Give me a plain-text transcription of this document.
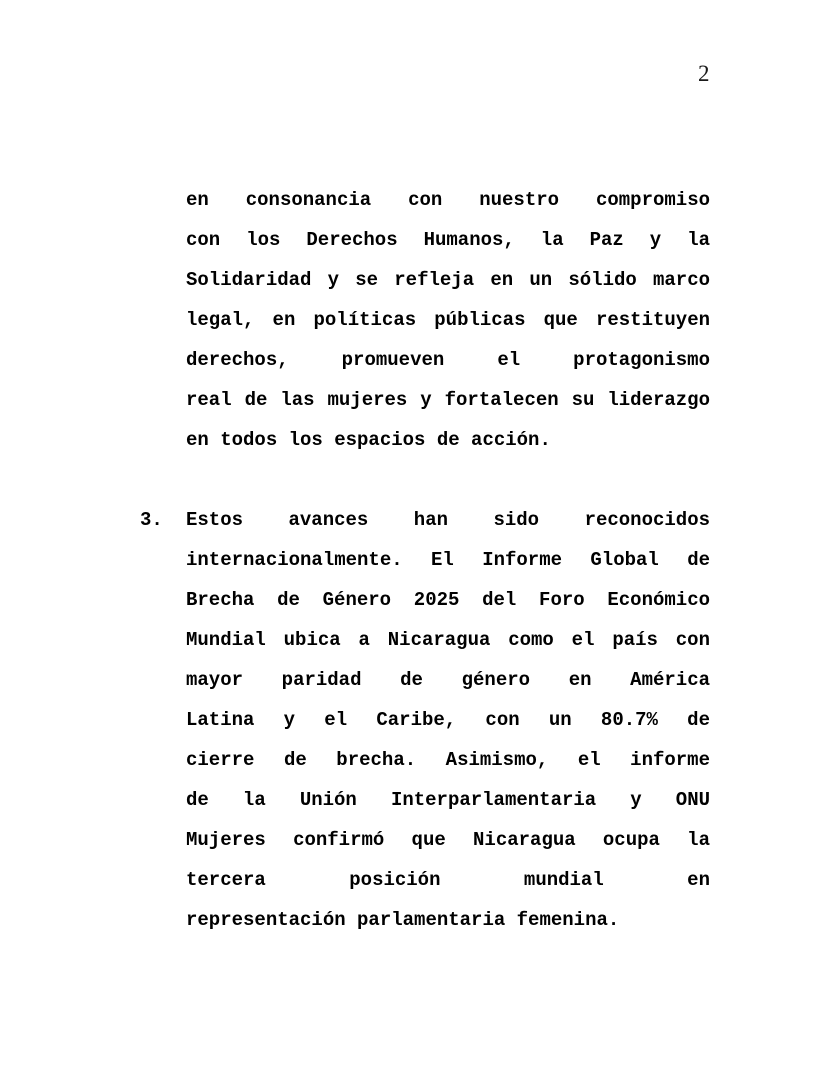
2
en consonancia con nuestro compromiso
con los Derechos Humanos, la Paz y la
Solidaridad y se refleja en un sólido marco
legal, en políticas públicas que restituyen
derechos, promueven el protagonismo
real de las mujeres y fortalecen su liderazgo
en todos los espacios de acción.
3. Estos avances han sido reconocidos
internacionalmente. El Informe Global de
Brecha de Género 2025 del Foro Económico
Mundial ubica a Nicaragua como el país con
mayor paridad de género en América
Latina y el Caribe, con un 80.7% de
cierre de brecha. Asimismo, el informe
de la Unión Interparlamentaria y ONU
Mujeres confirmó que Nicaragua ocupa la
tercera posición mundial en
representación parlamentaria femenina.
